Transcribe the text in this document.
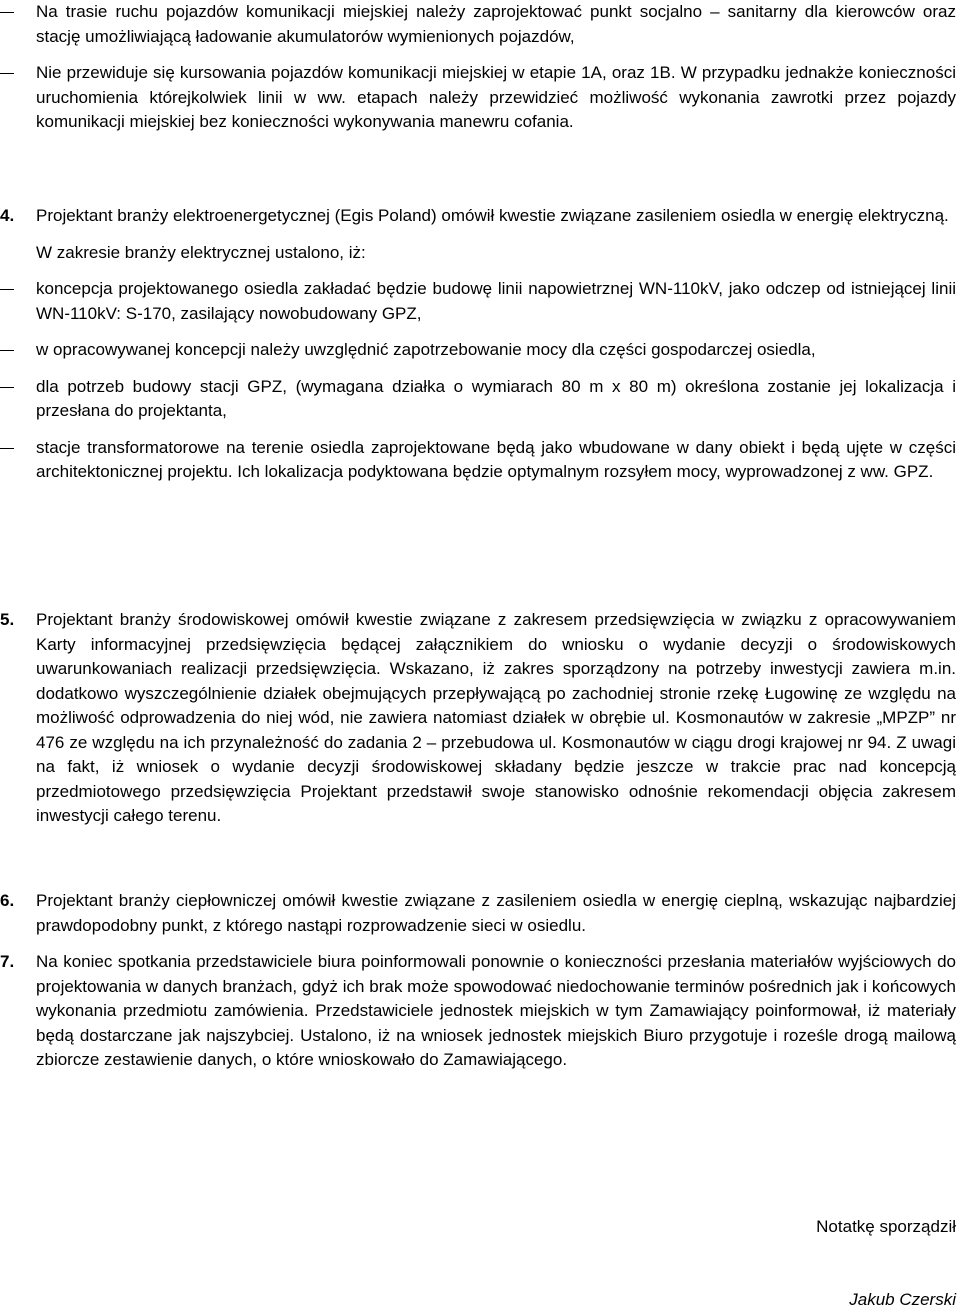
Na trasie ruchu pojazdów komunikacji miejskiej należy zaprojektować punkt socjalno – sanitarny dla kierowców oraz stację umożliwiającą ładowanie akumulatorów wymienionych pojazdów,

Nie przewiduje się kursowania pojazdów komunikacji miejskiej w etapie 1A, oraz 1B. W przypadku jednakże konieczności uruchomienia którejkolwiek linii w ww. etapach należy przewidzieć możliwość wykonania zawrotki przez pojazdy komunikacji miejskiej bez konieczności wykonywania manewru cofania.

4. Projektant branży elektroenergetycznej (Egis Poland) omówił kwestie związane zasileniem osiedla w energię elektryczną.

W zakresie branży elektrycznej ustalono, iż:

koncepcja projektowanego osiedla zakładać będzie budowę linii napowietrznej WN-110kV, jako odczep od istniejącej linii WN-110kV: S-170, zasilający nowobudowany GPZ,

w opracowywanej koncepcji należy uwzględnić zapotrzebowanie mocy dla części gospodarczej osiedla,

dla potrzeb budowy stacji GPZ, (wymagana działka o wymiarach 80 m x 80 m) określona zostanie jej lokalizacja i przesłana do projektanta,

stacje transformatorowe na terenie osiedla zaprojektowane będą jako wbudowane w dany obiekt i będą ujęte w części architektonicznej projektu. Ich lokalizacja podyktowana będzie optymalnym rozsyłem mocy, wyprowadzonej z ww. GPZ.

5. Projektant branży środowiskowej omówił kwestie związane z zakresem przedsięwzięcia w związku z opracowywaniem Karty informacyjnej przedsięwzięcia będącej załącznikiem do wniosku o wydanie decyzji o środowiskowych uwarunkowaniach realizacji przedsięwzięcia. Wskazano, iż zakres sporządzony na potrzeby inwestycji zawiera m.in. dodatkowo wyszczególnienie działek obejmujących przepływającą po zachodniej stronie rzekę Ługowinę ze względu na możliwość odprowadzenia do niej wód, nie zawiera natomiast działek w obrębie ul. Kosmonautów w zakresie „MPZP” nr 476 ze względu na ich przynależność do zadania 2 – przebudowa ul. Kosmonautów w ciągu drogi krajowej nr 94. Z uwagi na fakt, iż wniosek o wydanie decyzji środowiskowej składany będzie jeszcze w trakcie prac nad koncepcją przedmiotowego przedsięwzięcia Projektant przedstawił swoje stanowisko odnośnie rekomendacji objęcia zakresem inwestycji całego terenu.

6. Projektant branży ciepłowniczej omówił kwestie związane z zasileniem osiedla w energię cieplną, wskazując najbardziej prawdopodobny punkt, z którego nastąpi rozprowadzenie sieci w osiedlu.

7. Na koniec spotkania przedstawiciele biura poinformowali ponownie o konieczności przesłania materiałów wyjściowych do projektowania w danych branżach, gdyż ich brak może spowodować niedochowanie terminów pośrednich jak i końcowych wykonania przedmiotu zamówienia. Przedstawiciele jednostek miejskich w tym Zamawiający poinformował, iż materiały będą dostarczane jak najszybciej. Ustalono, iż na wniosek jednostek miejskich Biuro przygotuje i roześle drogą mailową zbiorcze zestawienie danych, o które wnioskowało do Zamawiającego.

Notatkę sporządził
Jakub Czerski
